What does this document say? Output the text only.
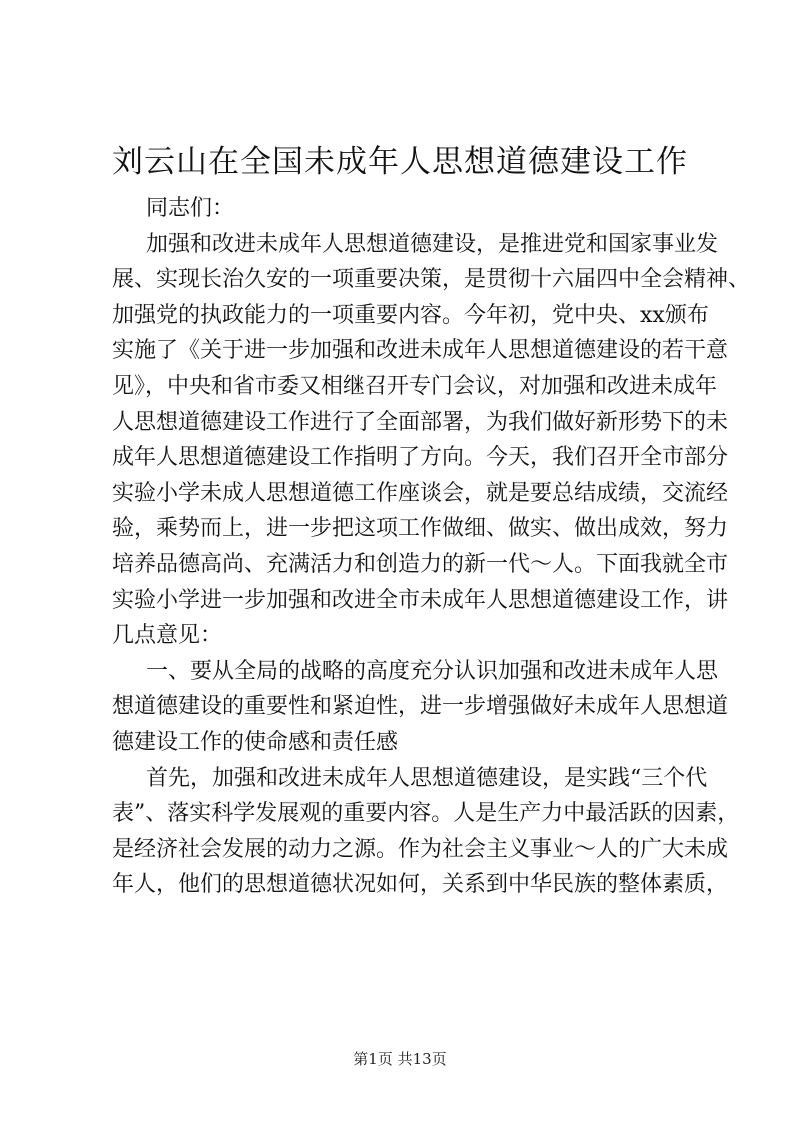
刘云山在全国未成年人思想道德建设工作
同志们：
加强和改进未成年人思想道德建设，是推进党和国家事业发
展、实现长治久安的一项重要决策，是贯彻十六届四中全会精神、
加强党的执政能力的一项重要内容。今年初，党中央、xx颁布
实施了《关于进一步加强和改进未成年人思想道德建设的若干意
见》，中央和省市委又相继召开专门会议，对加强和改进未成年
人思想道德建设工作进行了全面部署，为我们做好新形势下的未
成年人思想道德建设工作指明了方向。今天，我们召开全市部分
实验小学未成人思想道德工作座谈会，就是要总结成绩，交流经
验，乘势而上，进一步把这项工作做细、做实、做出成效，努力
培养品德高尚、充满活力和创造力的新一代～人。下面我就全市
实验小学进一步加强和改进全市未成年人思想道德建设工作，讲
几点意见：
一、要从全局的战略的高度充分认识加强和改进未成年人思
想道德建设的重要性和紧迫性，进一步增强做好未成年人思想道
德建设工作的使命感和责任感
首先，加强和改进未成年人思想道德建设，是实践“三个代
表”、落实科学发展观的重要内容。人是生产力中最活跃的因素，
是经济社会发展的动力之源。作为社会主义事业～人的广大未成
年人，他们的思想道德状况如何，关系到中华民族的整体素质，
第1页 共13页
